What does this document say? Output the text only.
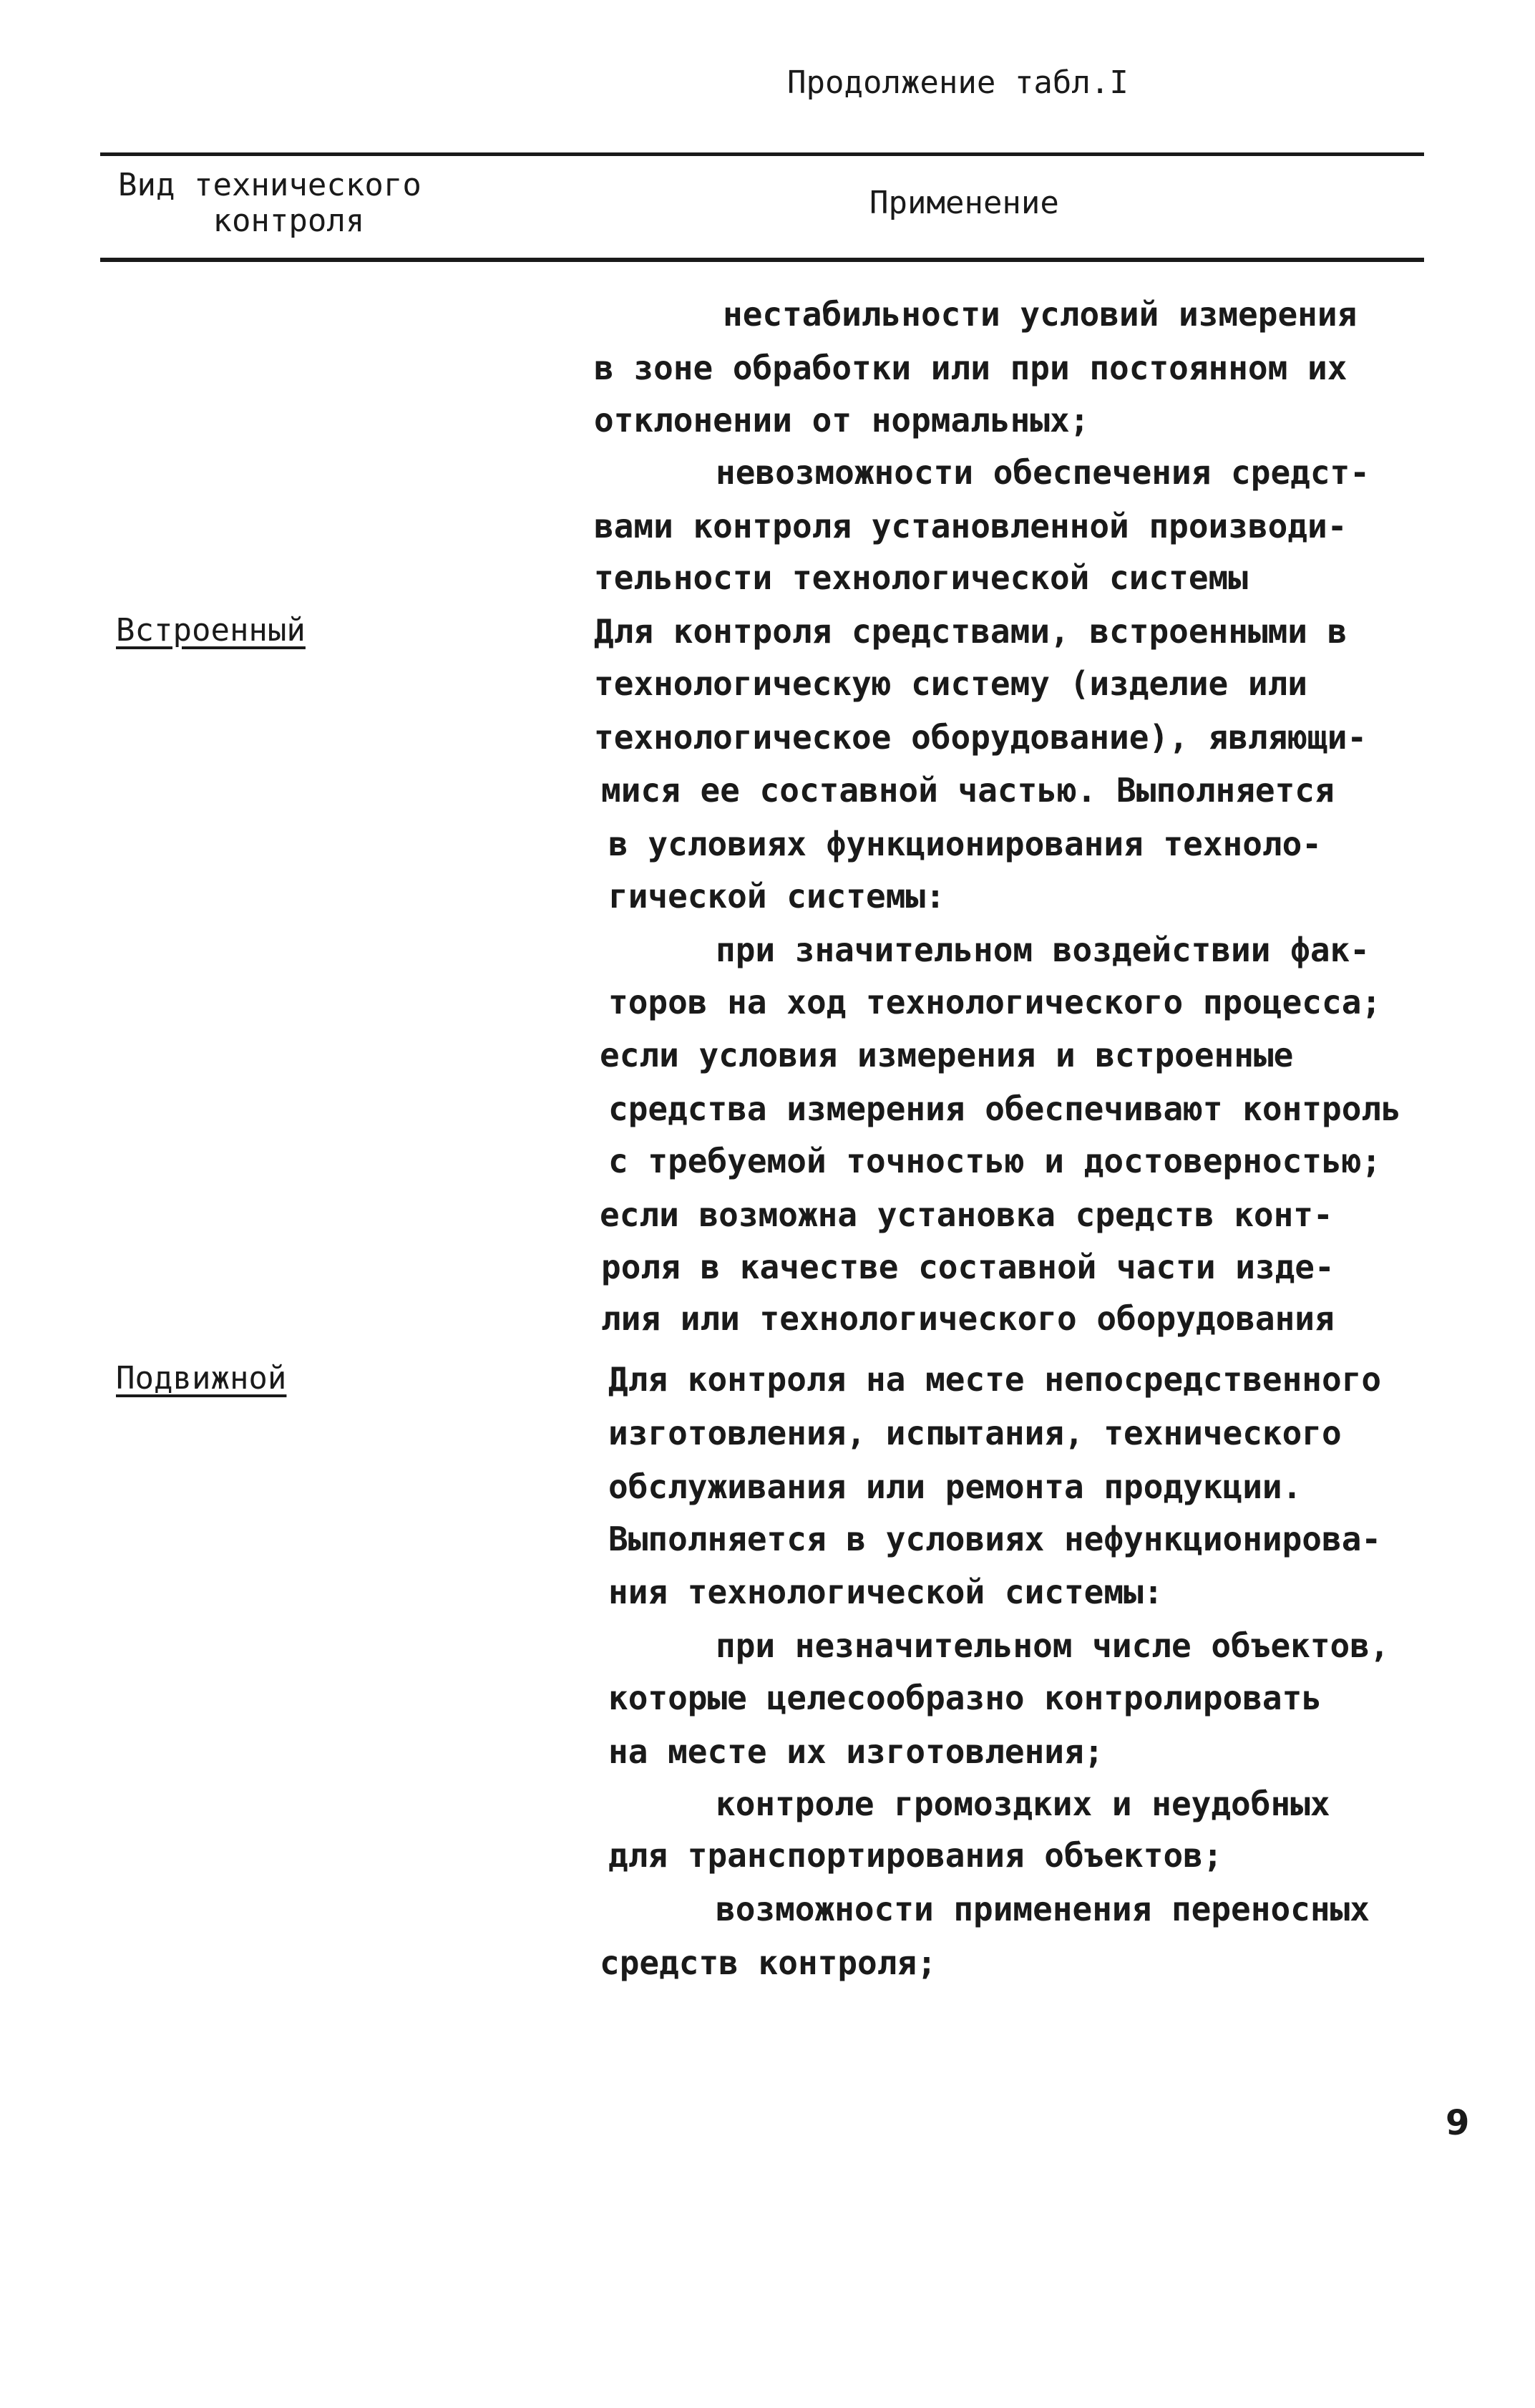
Продолжение табл.I
Вид технического
контроля	Применение
нестабильности условий измерения
в зоне обработки или при постоянном их
отклонении от нормальных;
невозможности обеспечения средст-
вами контроля установленной производи-
тельности технологической системы
Встроенный	Для контроля средствами, встроенными в
технологическую систему (изделие или
технологическое оборудование), являющи-
мися ее составной частью. Выполняется
в условиях функционирования техноло-
гической системы:
при значительном воздействии фак-
торов на ход технологического процесса;
если условия измерения и встроенные
средства измерения обеспечивают контроль
с требуемой точностью и достоверностью;
если возможна установка средств конт-
роля в качестве составной части изде-
лия или технологического оборудования
Подвижной	Для контроля на месте непосредственного
изготовления, испытания, технического
обслуживания или ремонта продукции.
Выполняется в условиях нефункционирова-
ния технологической системы:
при незначительном числе объектов,
которые целесообразно контролировать
на месте их изготовления;
контроле громоздких и неудобных
для транспортирования объектов;
возможности применения переносных
средств контроля;
9
